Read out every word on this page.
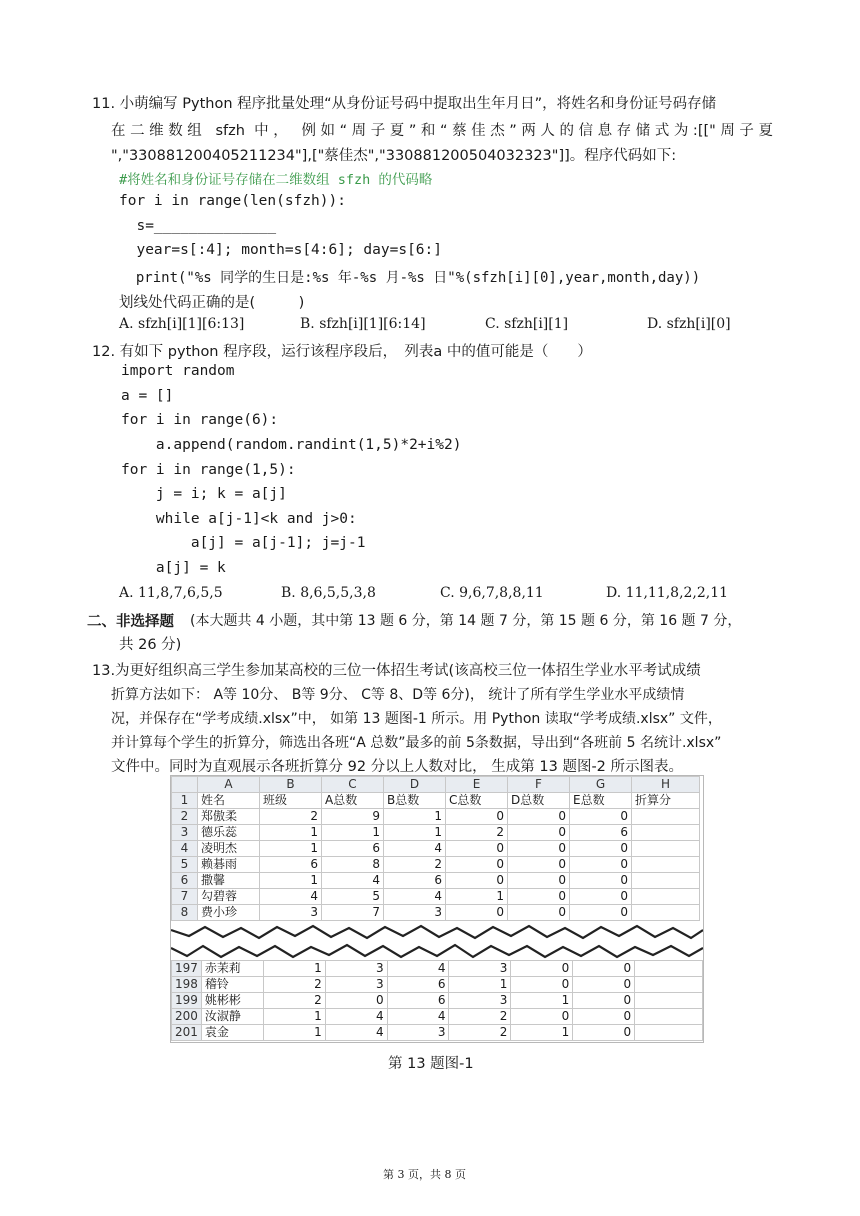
11. 小萌编写 Python 程序批量处理“从身份证号码中提取出生年月日”，将姓名和身份证号码存储
在二维数组 sfzh 中， 例如“周子夏”和“蔡佳杰”两人的信息存储式为:[["周子夏
","330881200405211234"],["蔡佳杰","330881200504032323"]]。程序代码如下:
#将姓名和身份证号存储在二维数组 sfzh 的代码略
for i in range(len(sfzh)):
s=______________
year=s[:4]; month=s[4:6]; day=s[6:]
print("%s 同学的生日是:%s 年-%s 月-%s 日"%(sfzh[i][0],year,month,day))
划线处代码正确的是(　　　)
A. sfzh[i][1][6:13]	B. sfzh[i][1][6:14]	C. sfzh[i][1]	D. sfzh[i][0]
12. 有如下 python 程序段，运行该程序段后，　列表a 中的值可能是（　　）
import random
a = []
for i in range(6):
a.append(random.randint(1,5)*2+i%2)
for i in range(1,5):
j = i; k = a[j]
while a[j-1]<k and j>0:
a[j] = a[j-1]; j=j-1
a[j] = k
A. 11,8,7,6,5,5	B. 8,6,5,5,3,8	C. 9,6,7,8,8,11	D. 11,11,8,2,2,11
二、非选择题 (本大题共 4 小题，其中第 13 题 6 分，第 14 题 7 分，第 15 题 6 分，第 16 题 7 分，
共 26 分)
13.为更好组织高三学生参加某高校的三位一体招生考试(该高校三位一体招生学业水平考试成绩
折算方法如下： A等 10分、 B等 9分、 C等 8、D等 6分)， 统计了所有学生学业水平成绩情
况，并保存在“学考成绩.xlsx”中， 如第 13 题图-1 所示。用 Python 读取“学考成绩.xlsx” 文件，
并计算每个学生的折算分，筛选出各班“A 总数”最多的前 5条数据，导出到“各班前 5 名统计.xlsx”
文件中。同时为直观展示各班折算分 92 分以上人数对比， 生成第 13 题图-2 所示图表。
	A	B	C	D	E	F	G	H
1	姓名	班级	A总数	B总数	C总数	D总数	E总数	折算分
2	郑傲柔	2	9	1	0	0	0	
3	德乐蕊	1	1	1	2	0	6	
4	凌明杰	1	6	4	0	0	0	
5	赖碁雨	6	8	2	0	0	0	
6	撒馨	1	4	6	0	0	0	
7	勾碧蓉	4	5	4	1	0	0	
8	费小珍	3	7	3	0	0	0	
197	赤茉莉	1	3	4	3	0	0	
198	稽铃	2	3	6	1	0	0	
199	姚彬彬	2	0	6	3	1	0	
200	汝淑静	1	4	4	2	0	0	
201	袁金	1	4	3	2	1	0	
第 13 题图-1
第 3 页，共 8 页
